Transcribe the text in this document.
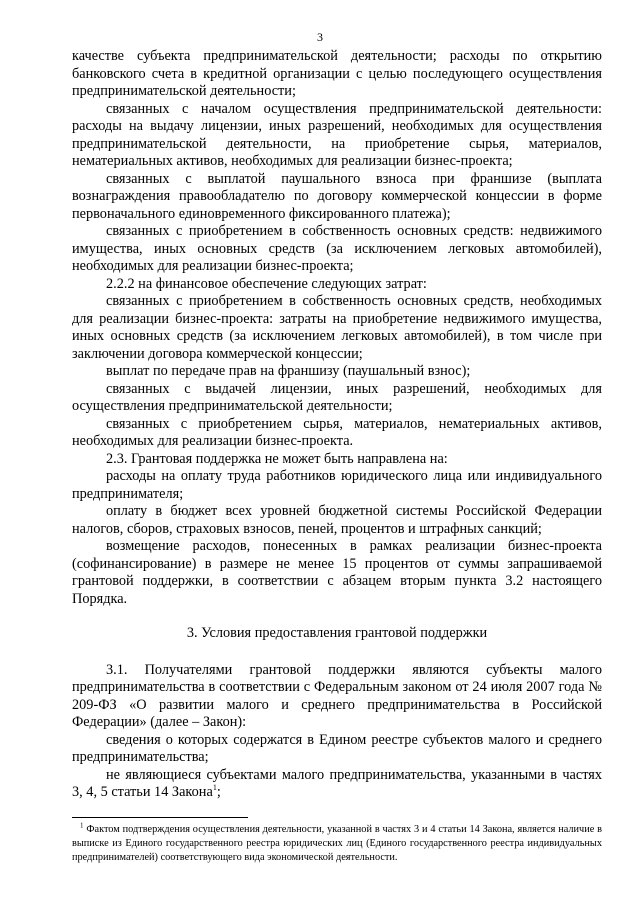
3

качестве субъекта предпринимательской деятельности; расходы по открытию банковского счета в кредитной организации с целью последующего осуществления предпринимательской деятельности;

связанных с началом осуществления предпринимательской деятельности: расходы на выдачу лицензии, иных разрешений, необходимых для осуществления предпринимательской деятельности, на приобретение сырья, материалов, нематериальных активов, необходимых для реализации бизнес-проекта;

связанных с выплатой паушального взноса при франшизе (выплата вознаграждения правообладателю по договору коммерческой концессии в форме первоначального единовременного фиксированного платежа);

связанных с приобретением в собственность основных средств: недвижимого имущества, иных основных средств (за исключением легковых автомобилей), необходимых для реализации бизнес-проекта;

2.2.2 на финансовое обеспечение следующих затрат:

связанных с приобретением в собственность основных средств, необходимых для реализации бизнес-проекта: затраты на приобретение недвижимого имущества, иных основных средств (за исключением легковых автомобилей), в том числе при заключении договора коммерческой концессии;

выплат по передаче прав на франшизу (паушальный взнос);

связанных с выдачей лицензии, иных разрешений, необходимых для осуществления предпринимательской деятельности;

связанных с приобретением сырья, материалов, нематериальных активов, необходимых для реализации бизнес-проекта.

2.3. Грантовая поддержка не может быть направлена на:

расходы на оплату труда работников юридического лица или индивидуального предпринимателя;

оплату в бюджет всех уровней бюджетной системы Российской Федерации налогов, сборов, страховых взносов, пеней, процентов и штрафных санкций;

возмещение расходов, понесенных в рамках реализации бизнес-проекта (софинансирование) в размере не менее 15 процентов от суммы запрашиваемой грантовой поддержки, в соответствии с абзацем вторым пункта 3.2 настоящего Порядка.

3. Условия предоставления грантовой поддержки

3.1. Получателями грантовой поддержки являются субъекты малого предпринимательства в соответствии с Федеральным законом от 24 июля 2007 года № 209-ФЗ «О развитии малого и среднего предпринимательства в Российской Федерации» (далее – Закон):

сведения о которых содержатся в Едином реестре субъектов малого и среднего предпринимательства;

не являющиеся субъектами малого предпринимательства, указанными в частях 3, 4, 5 статьи 14 Закона$^1$;

$^1$ Фактом подтверждения осуществления деятельности, указанной в частях 3 и 4 статьи 14 Закона, является наличие в выписке из Единого государственного реестра юридических лиц (Единого государственного реестра индивидуальных предпринимателей) соответствующего вида экономической деятельности.
